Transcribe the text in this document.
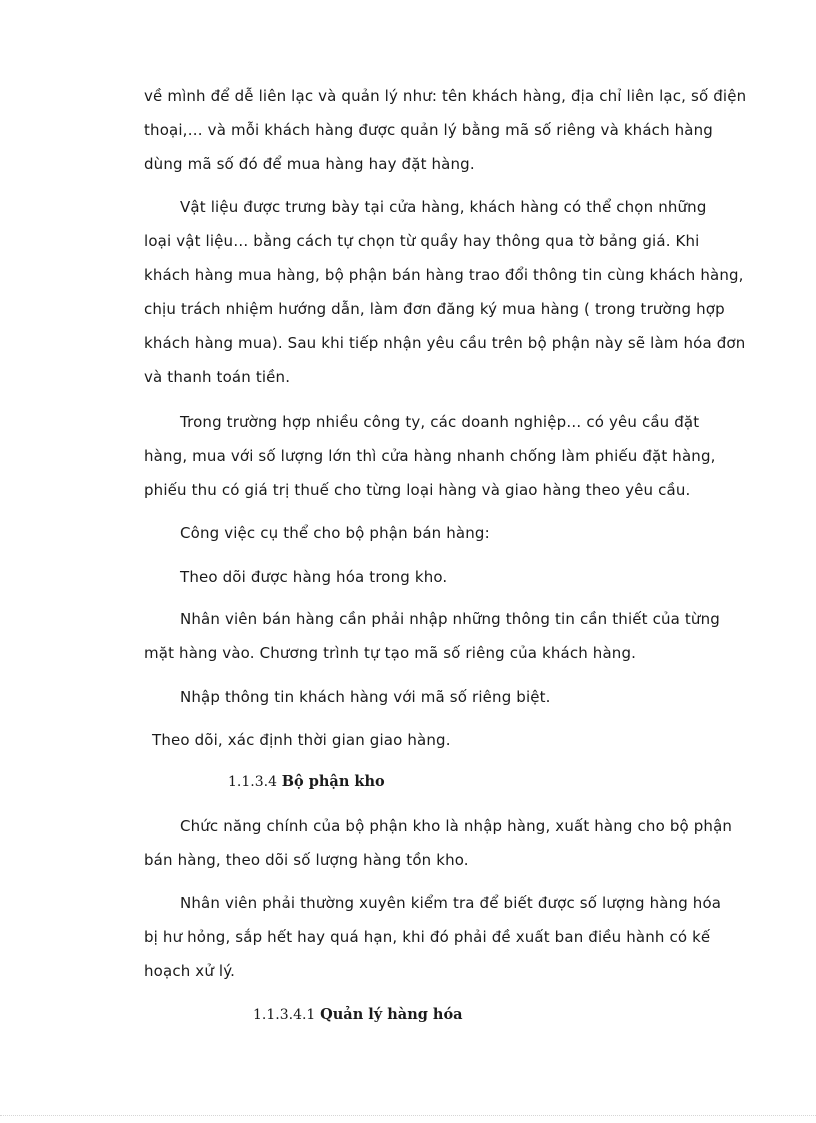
về mình để dễ liên lạc và quản lý như: tên khách hàng, địa chỉ liên lạc, số điện
thoại,… và mỗi khách hàng được quản lý bằng mã số riêng và khách hàng
dùng mã số đó để mua hàng hay đặt hàng.
Vật liệu được trưng bày tại cửa hàng, khách hàng có thể chọn những
loại vật liệu… bằng cách tự chọn từ quầy hay thông qua tờ bảng giá. Khi
khách hàng mua hàng, bộ phận bán hàng trao đổi thông tin cùng khách hàng,
chịu trách nhiệm hướng dẫn, làm đơn đăng ký mua hàng ( trong trường hợp
khách hàng mua). Sau khi tiếp nhận yêu cầu trên bộ phận này sẽ làm hóa đơn
và thanh toán tiền.
Trong trường hợp nhiều công ty, các doanh nghiệp… có yêu cầu đặt
hàng, mua với số lượng lớn thì cửa hàng nhanh chống làm phiếu đặt hàng,
phiếu thu có giá trị thuế cho từng loại hàng và giao hàng theo yêu cầu.
Công việc cụ thể cho bộ phận bán hàng:
Theo dõi được hàng hóa trong kho.
Nhân viên bán hàng cần phải nhập những thông tin cần thiết của từng
mặt hàng vào. Chương trình tự tạo mã số riêng của khách hàng.
Nhập thông tin khách hàng với mã số riêng biệt.
Theo dõi, xác định thời gian giao hàng.
1.1.3.4 Bộ phận kho
Chức năng chính của bộ phận kho là nhập hàng, xuất hàng cho bộ phận
bán hàng, theo dõi số lượng hàng tồn kho.
Nhân viên phải thường xuyên kiểm tra để biết được số lượng hàng hóa
bị hư hỏng, sắp hết hay quá hạn, khi đó phải đề xuất ban điều hành có kế
hoạch xử lý.
1.1.3.4.1 Quản lý hàng hóa
